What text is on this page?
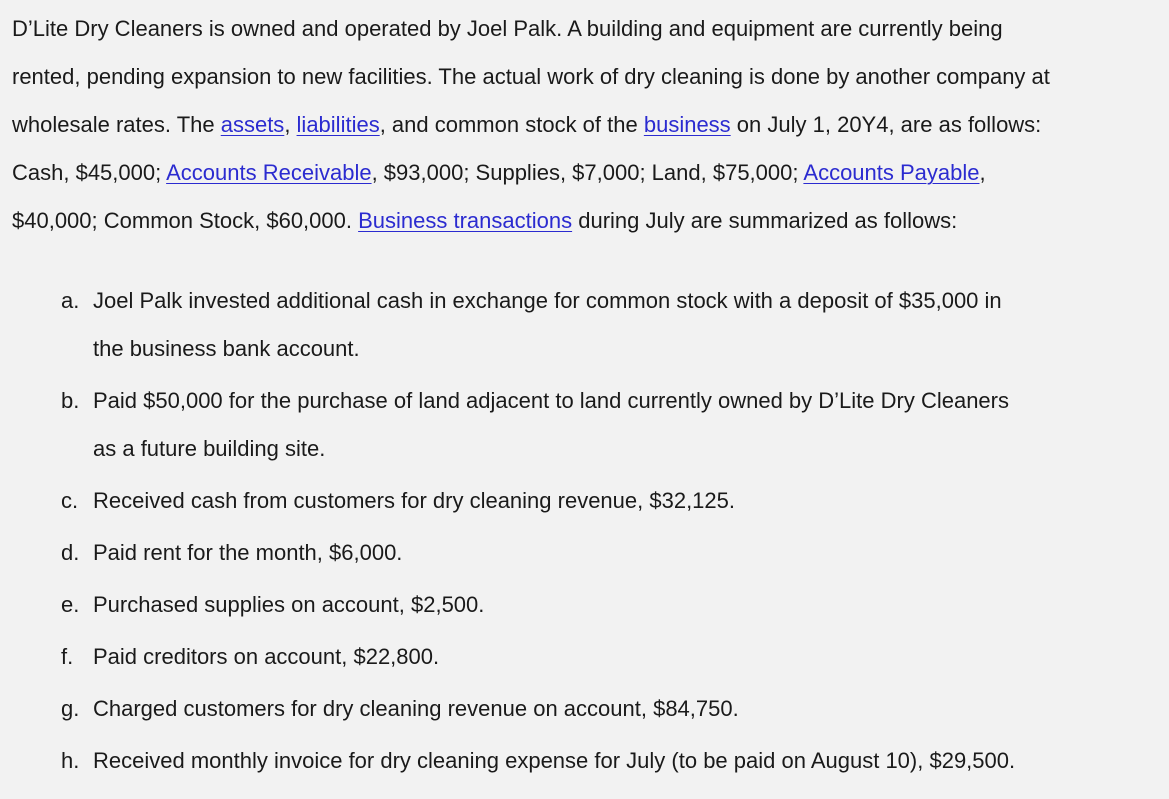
D’Lite Dry Cleaners is owned and operated by Joel Palk. A building and equipment are currently being
rented, pending expansion to new facilities. The actual work of dry cleaning is done by another company at
wholesale rates. The assets, liabilities, and common stock of the business on July 1, 20Y4, are as follows:
Cash, $45,000; Accounts Receivable, $93,000; Supplies, $7,000; Land, $75,000; Accounts Payable,
$40,000; Common Stock, $60,000. Business transactions during July are summarized as follows:
a. Joel Palk invested additional cash in exchange for common stock with a deposit of $35,000 in
the business bank account.
b. Paid $50,000 for the purchase of land adjacent to land currently owned by D’Lite Dry Cleaners
as a future building site.
c. Received cash from customers for dry cleaning revenue, $32,125.
d. Paid rent for the month, $6,000.
e. Purchased supplies on account, $2,500.
f. Paid creditors on account, $22,800.
g. Charged customers for dry cleaning revenue on account, $84,750.
h. Received monthly invoice for dry cleaning expense for July (to be paid on August 10), $29,500.
